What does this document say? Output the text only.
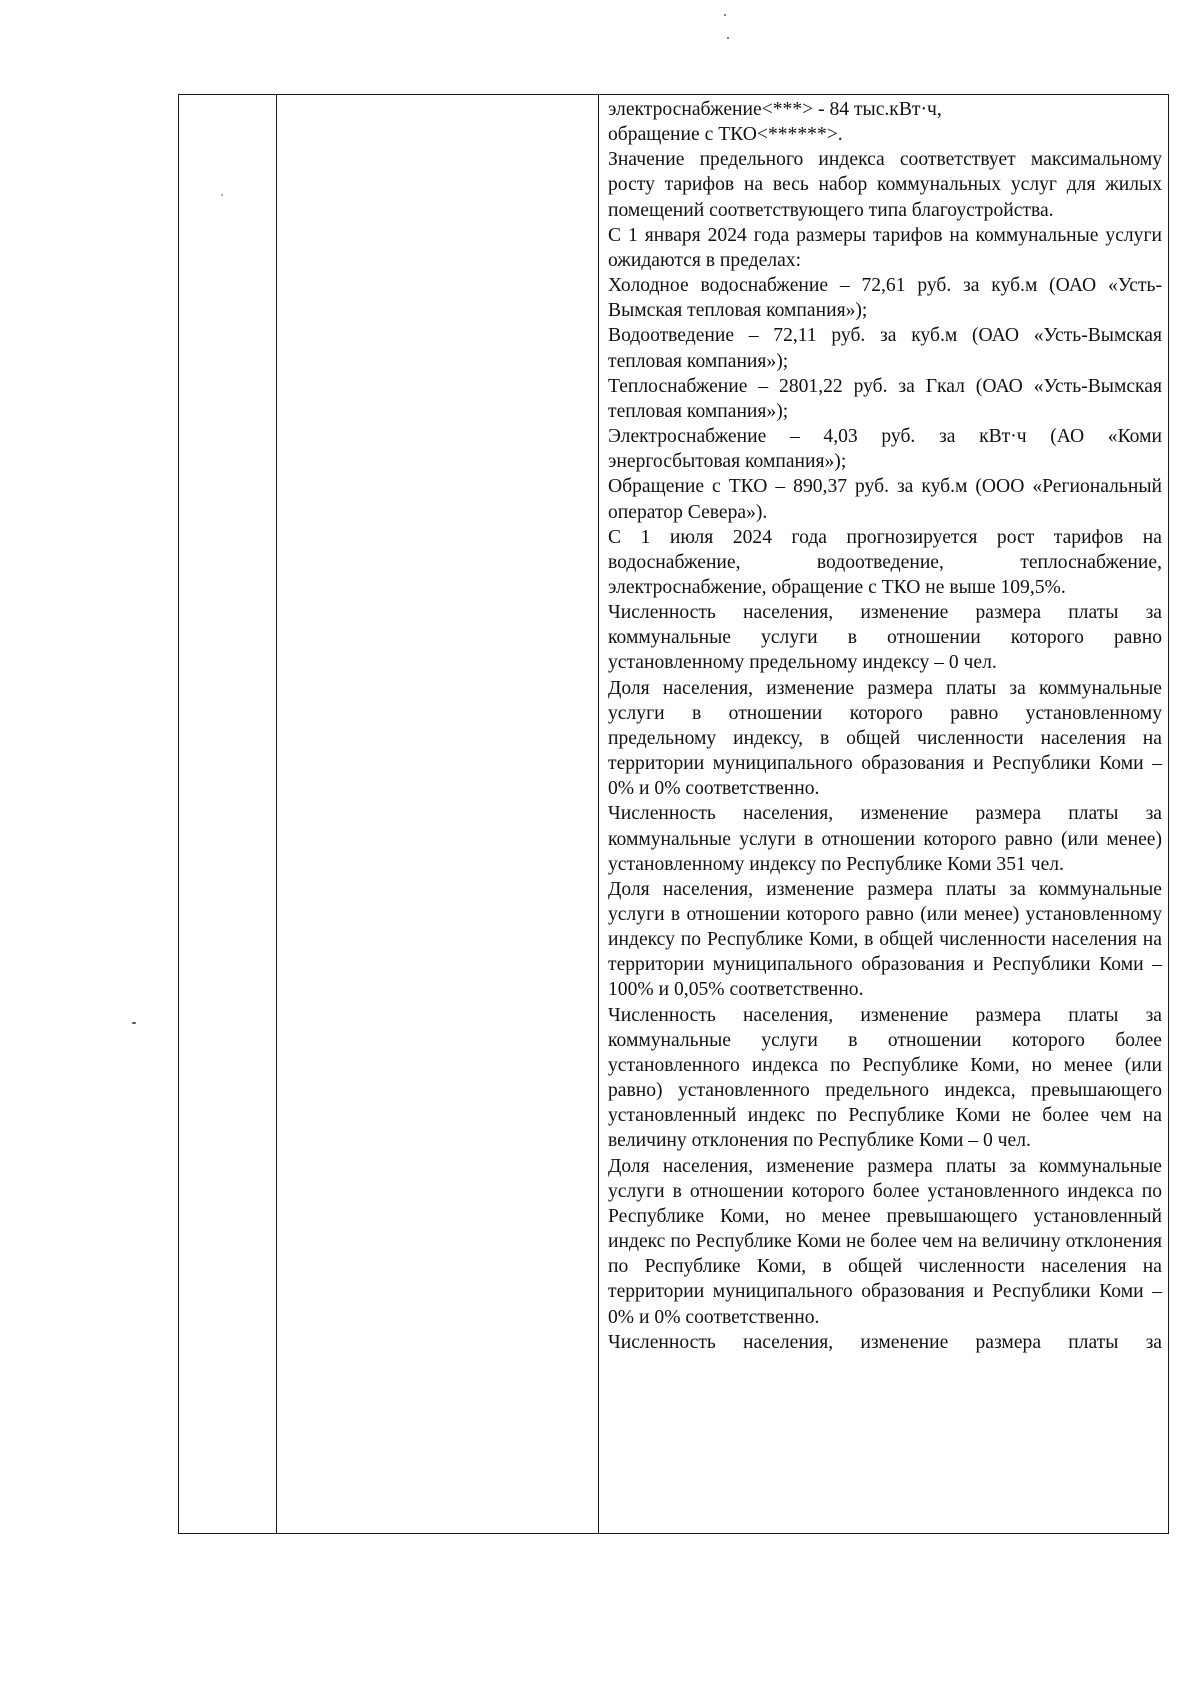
электроснабжение<***> - 84 тыс.кВт·ч,

обращение с ТКО<******>.

Значение предельного индекса соответствует максимальному росту тарифов на весь набор коммунальных услуг для жилых помещений соответствующего типа благоустройства.

С 1 января 2024 года размеры тарифов на коммунальные услуги ожидаются в пределах:

Холодное водоснабжение – 72,61 руб. за куб.м (ОАО «Усть-Вымская тепловая компания»);

Водоотведение – 72,11 руб. за куб.м (ОАО «Усть-Вымская тепловая компания»);

Теплоснабжение – 2801,22 руб. за Гкал (ОАО «Усть-Вымская тепловая компания»);

Электроснабжение – 4,03 руб. за кВт·ч (АО «Коми энергосбытовая компания»);

Обращение с ТКО – 890,37 руб. за куб.м (ООО «Региональный оператор Севера»).

С 1 июля 2024 года прогнозируется рост тарифов на водоснабжение, водоотведение, теплоснабжение, электроснабжение, обращение с ТКО не выше 109,5%.

Численность населения, изменение размера платы за коммунальные услуги в отношении которого равно установленному предельному индексу – 0 чел.

Доля населения, изменение размера платы за коммунальные услуги в отношении которого равно установленному предельному индексу, в общей численности населения на территории муниципального образования и Республики Коми – 0% и 0% соответственно.

Численность населения, изменение размера платы за коммунальные услуги в отношении которого равно (или менее) установленному индексу по Республике Коми 351 чел.

Доля населения, изменение размера платы за коммунальные услуги в отношении которого равно (или менее) установленному индексу по Республике Коми, в общей численности населения на территории муниципального образования и Республики Коми – 100% и 0,05% соответственно.

Численность населения, изменение размера платы за коммунальные услуги в отношении которого более установленного индекса по Республике Коми, но менее (или равно) установленного предельного индекса, превышающего установленный индекс по Республике Коми не более чем на величину отклонения по Республике Коми – 0 чел.

Доля населения, изменение размера платы за коммунальные услуги в отношении которого более установленного индекса по Республике Коми, но менее превышающего установленный индекс по Республике Коми не более чем на величину отклонения по Республике Коми, в общей численности населения на территории муниципального образования и Республики Коми – 0% и 0% соответственно.

Численность населения, изменение размера платы за
